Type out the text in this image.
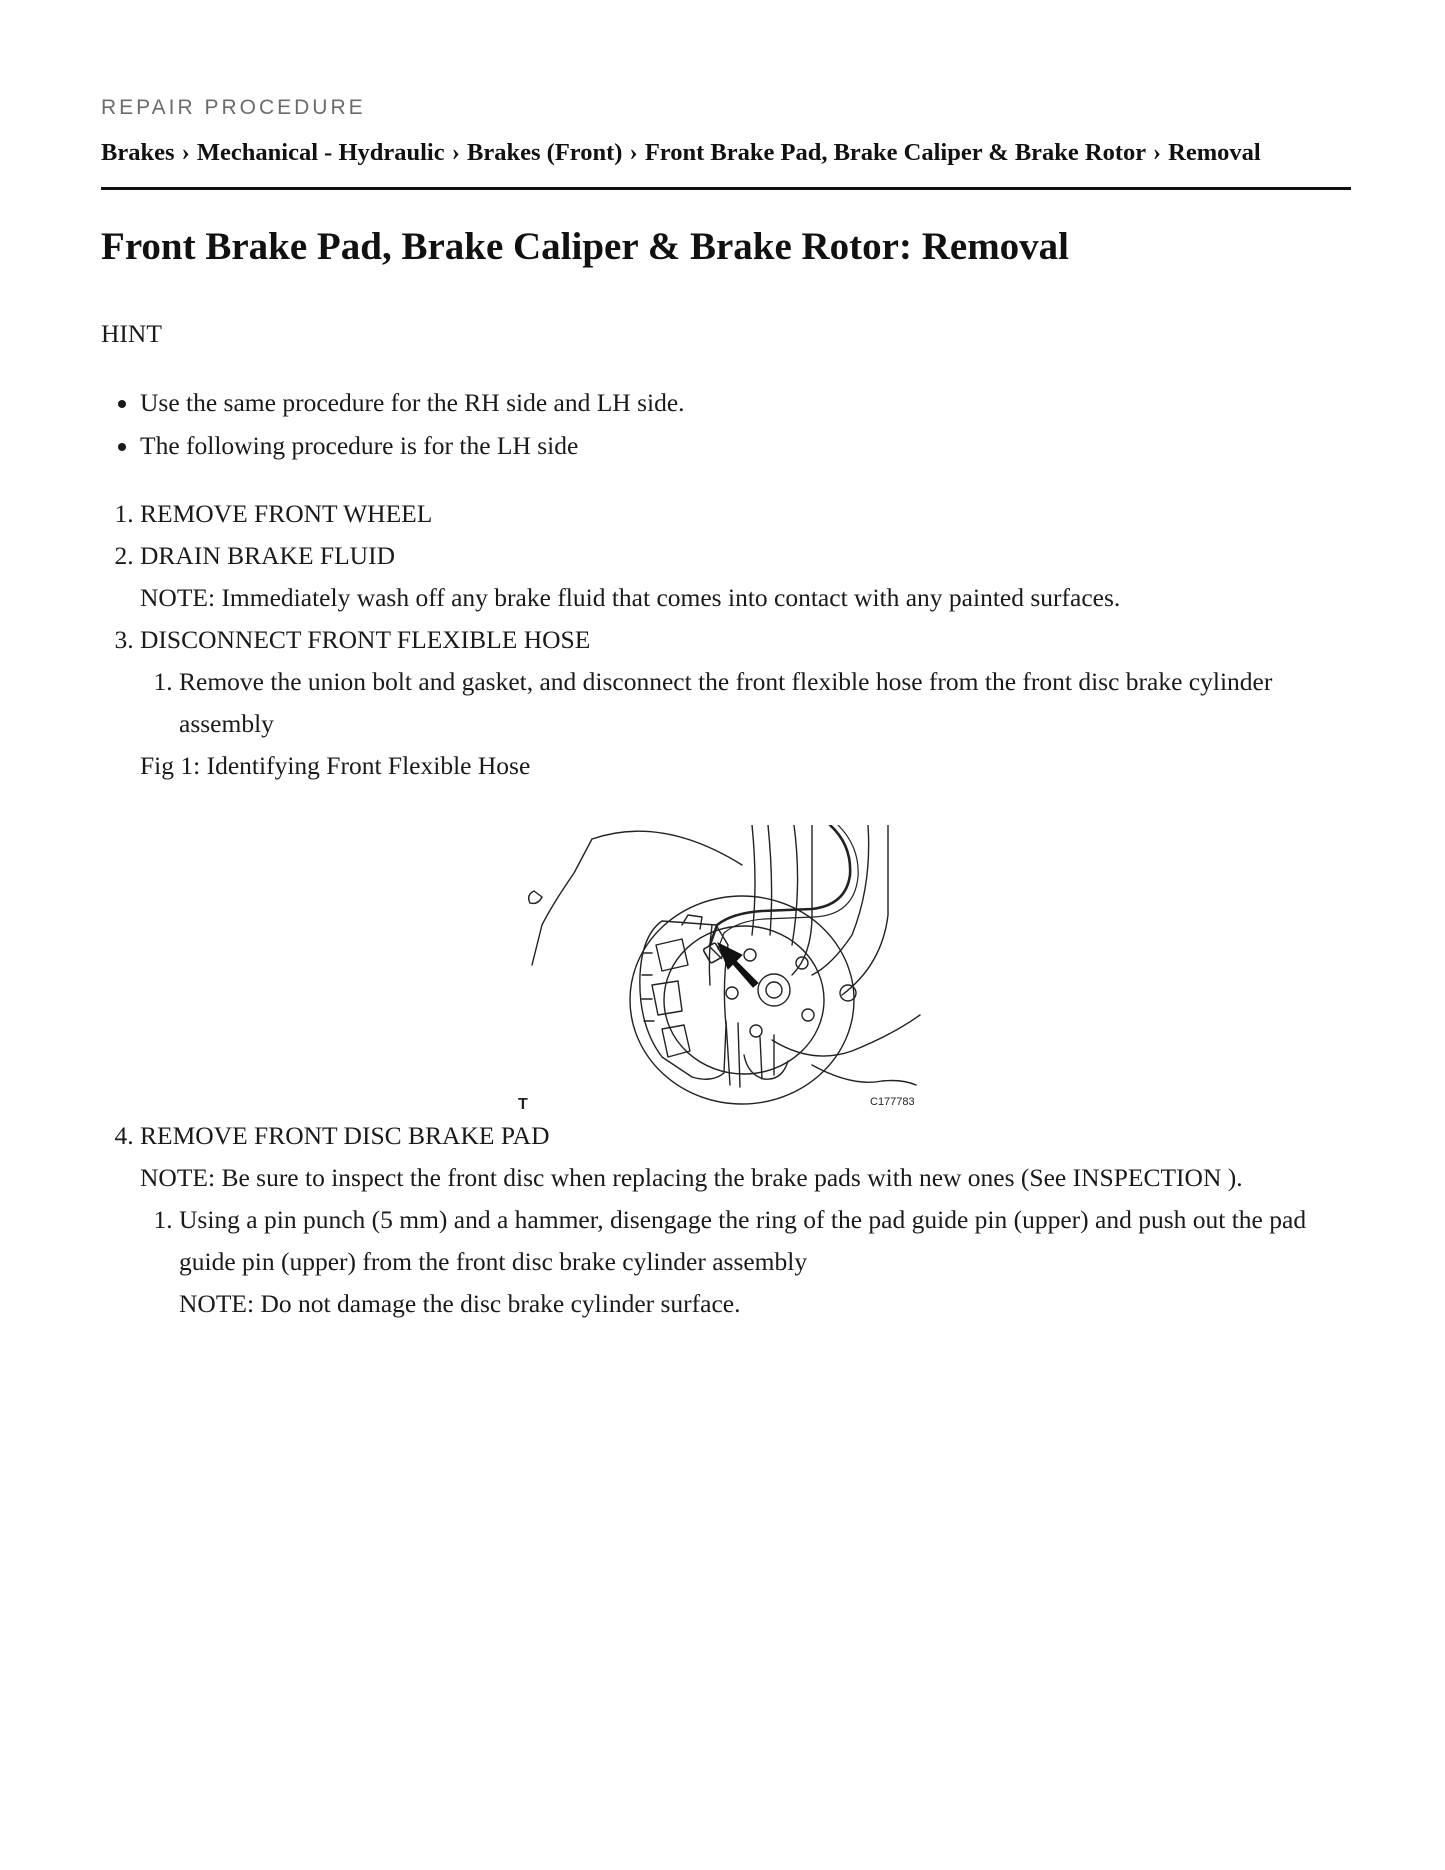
REPAIR PROCEDURE
Brakes › Mechanical - Hydraulic › Brakes (Front) › Front Brake Pad, Brake Caliper & Brake Rotor › Removal
Front Brake Pad, Brake Caliper & Brake Rotor: Removal

HINT

• Use the same procedure for the RH side and LH side.
• The following procedure is for the LH side
1. REMOVE FRONT WHEEL
2. DRAIN BRAKE FLUID
NOTE: Immediately wash off any brake fluid that comes into contact with any painted surfaces.
3. DISCONNECT FRONT FLEXIBLE HOSE
1. Remove the union bolt and gasket, and disconnect the front flexible hose from the front disc brake cylinder assembly
Fig 1: Identifying Front Flexible Hose
T	C177783
4. REMOVE FRONT DISC BRAKE PAD
NOTE: Be sure to inspect the front disc when replacing the brake pads with new ones (See INSPECTION ).
1. Using a pin punch (5 mm) and a hammer, disengage the ring of the pad guide pin (upper) and push out the pad guide pin (upper) from the front disc brake cylinder assembly
NOTE: Do not damage the disc brake cylinder surface.
